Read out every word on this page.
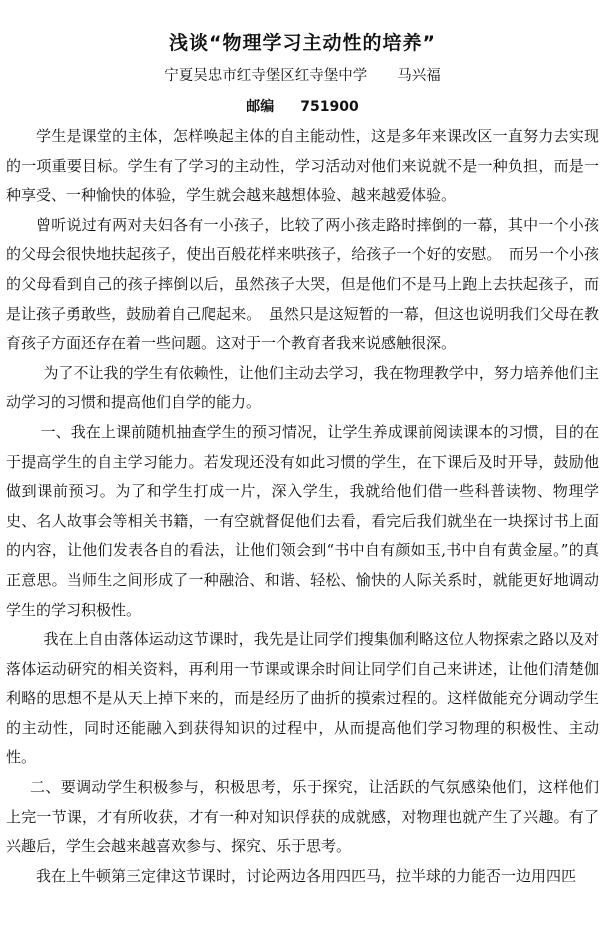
浅谈“物理学习主动性的培养”
宁夏吴忠市红寺堡区红寺堡中学 马兴福
邮编 751900

学生是课堂的主体，怎样唤起主体的自主能动性，这是多年来课改区一直努力去实现的一项重要目标。学生有了学习的主动性，学习活动对他们来说就不是一种负担，而是一种享受、一种愉快的体验，学生就会越来越想体验、越来越爱体验。

曾听说过有两对夫妇各有一小孩子，比较了两小孩走路时摔倒的一幕，其中一个小孩的父母会很快地扶起孩子，使出百般花样来哄孩子，给孩子一个好的安慰。　而另一个小孩的父母看到自己的孩子摔倒以后，虽然孩子大哭，但是他们不是马上跑上去扶起孩子，而是让孩子勇敢些，鼓励着自己爬起来。　虽然只是这短暂的一幕，但这也说明我们父母在教育孩子方面还存在着一些问题。这对于一个教育者我来说感触很深。

为了不让我的学生有依赖性，让他们主动去学习，我在物理教学中，努力培养他们主动学习的习惯和提高他们自学的能力。

一、我在上课前随机抽查学生的预习情况，让学生养成课前阅读课本的习惯，目的在于提高学生的自主学习能力。若发现还没有如此习惯的学生，在下课后及时开导，鼓励他做到课前预习。为了和学生打成一片，深入学生，我就给他们借一些科普读物、物理学史、名人故事会等相关书籍，一有空就督促他们去看，看完后我们就坐在一块探讨书上面的内容，让他们发表各自的看法，让他们领会到“书中自有颜如玉,书中自有黄金屋。”的真正意思。当师生之间形成了一种融洽、和谐、轻松、愉快的人际关系时，就能更好地调动学生的学习积极性。

我在上自由落体运动这节课时，我先是让同学们搜集伽利略这位人物探索之路以及对落体运动研究的相关资料，再利用一节课或课余时间让同学们自己来讲述，让他们清楚伽利略的思想不是从天上掉下来的，而是经历了曲折的摸索过程的。这样做能充分调动学生的主动性，同时还能融入到获得知识的过程中，从而提高他们学习物理的积极性、主动性。

二、要调动学生积极参与，积极思考，乐于探究，让活跃的气氛感染他们，这样他们上完一节课，才有所收获，才有一种对知识俘获的成就感，对物理也就产生了兴趣。有了兴趣后，学生会越来越喜欢参与、探究、乐于思考。

我在上牛顿第三定律这节课时，讨论两边各用四匹马，拉半球的力能否一边用四匹
